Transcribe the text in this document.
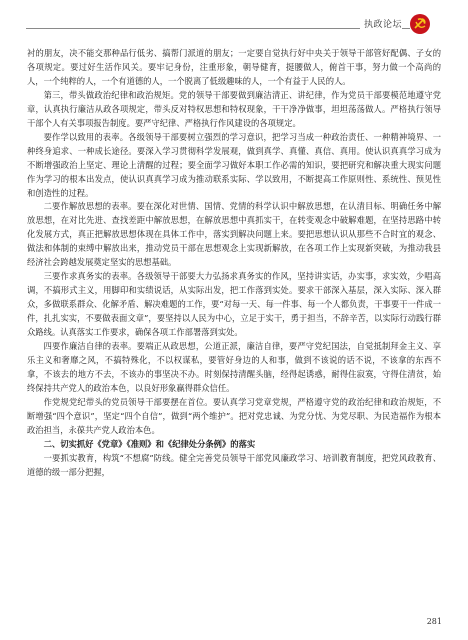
执政论坛

衬的朋友，决不能交那种品行低劣、搞帮门派道的朋友；一定要自觉执行好中央关于领导干部管好配偶、子女的各项规定。要过好生活作风关。要牢记身份，注重形象，朝导健育，挺腰做人，俯首干事，努力做一个高尚的人，一个纯粹的人，一个有道德的人，一个脱离了低级趣味的人，一个有益于人民的人。

第三，带头做政治纪律和政治规矩。党的领导干部要做到廉洁清正、讲纪律，作为党员干部要模范地遵守党章，认真执行廉洁从政各项规定，带头反对特权思想和特权现象，干干净净做事，坦坦荡荡做人。严格执行领导干部个人有关事项报告制度。要严守纪律、严格执行作风建设的各项规定。

要作学以致用的表率。各级领导干部要树立强烈的学习意识，把学习当成一种政治责任、一种精神境界、一种终身追求、一种成长途径。要深入学习贯彻科学发展观，做到真学、真懂、真信、真用。使认识真真学习成为不断增强政治上坚定、理论上清醒的过程；要全面学习做好本职工作必需的知识，要把研究和解决重大现实问题作为学习的根本出发点，使认识真真学习成为推动联系实际、学以致用，不断提高工作原则性、系统性、预见性和创造性的过程。

二要作解放思想的表率。要在深化对世情、国情、党情的科学认识中解放思想，在认清目标、明确任务中解放思想，在对比先进、查找差距中解放思想，在解放思想中真抓实干，在转变观念中破解难题，在坚持思路中转化发展方式，真正把解放思想体现在具体工作中，落实到解决问题上来。要把思想认识从那些不合时宜的观念、做法和体制的束缚中解放出来，推动党员干部在思想观念上实现新解放，在各项工作上实现新突破，为推动我县经济社会跨越发展奠定坚实的思想基础。

三要作求真务实的表率。各级领导干部要大力弘扬求真务实的作风，坚持讲实话，办实事，求实效，少唱高调，不搞形式主义，用脚印和实绩说话，从实际出发，把工作落到实处。要求干部深入基层，深入实际、深入群众，多做联系群众、化解矛盾、解决难题的工作，要“对每一天、每一件事、每一个人都负责，干事要干一件成一件，扎扎实实，不要做表面文章”，要坚持以人民为中心，立足于实干，勇于担当，不辞辛苦，以实际行动践行群众路线。认真落实工作要求，确保各项工作部署落到实处。

四要作廉洁自律的表率。要端正从政思想，公道正派，廉洁自律，要严守党纪国法，自觉抵制拜金主义、享乐主义和奢靡之风，不搞特殊化，不以权谋私，要管好身边的人和事，做到不该说的话不说，不该拿的东西不拿，不该去的地方不去，不该办的事坚决不办。时刻保持清醒头脑，经得起诱惑，耐得住寂寞，守得住清贫，始终保持共产党人的政治本色，以良好形象赢得群众信任。

作党规党纪带头的党员领导干部要摆在首位。要认真学习党章党规，严格遵守党的政治纪律和政治规矩，不断增强“四个意识”，坚定“四个自信”，做到“两个维护”。把对党忠诚、为党分忧、为党尽职、为民造福作为根本政治担当，永葆共产党人政治本色。

二、切实抓好《党章》《准则》和《纪律处分条例》的落实

一要抓实教育，构筑“不想腐”防线。健全完善党员领导干部党风廉政学习、培训教育制度，把党风政教育、道德的级一部分把握，

281
